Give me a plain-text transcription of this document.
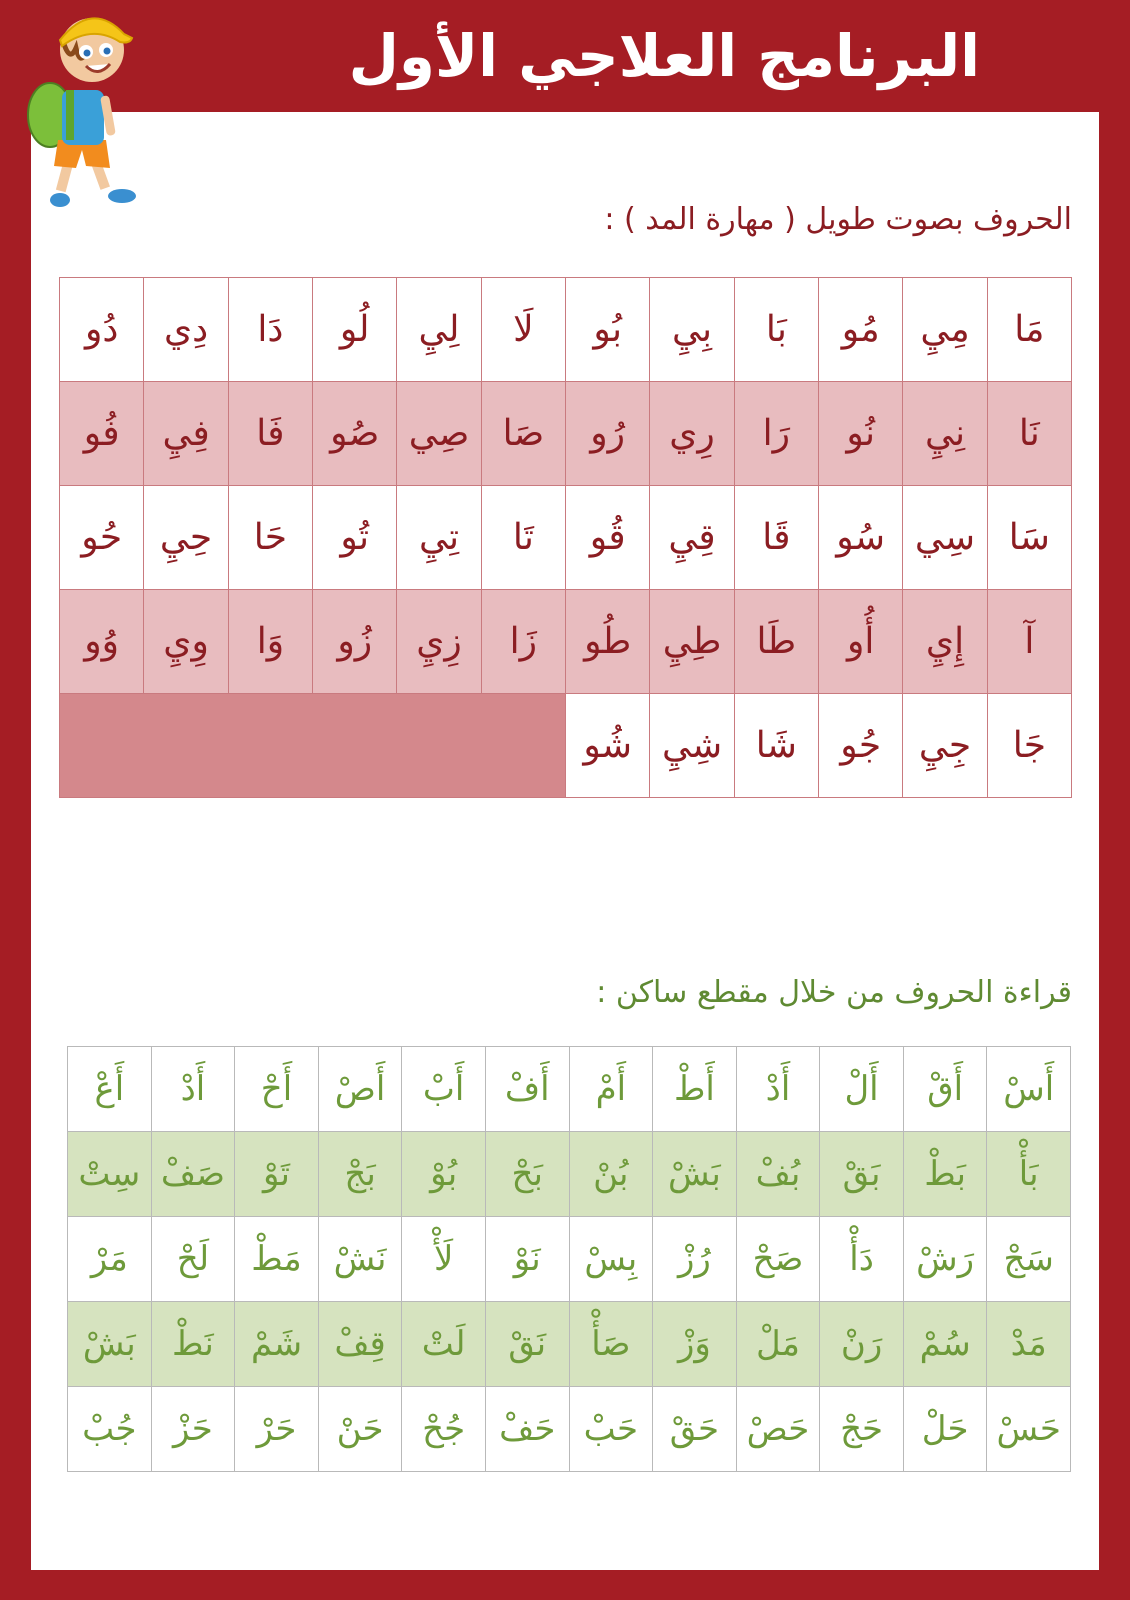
البرنامج العلاجي الأول
الحروف بصوت طويل ( مهارة المد ) :
مَا	مِيِ	مُو	بَا	بِيِ	بُو	لَا	لِيِ	لُو	دَا	دِي	دُو
نَا	نِيِ	نُو	رَا	رِي	رُو	صَا	صِي	صُو	فَا	فِيِ	فُو
سَا	سِي	سُو	قَا	قِيِ	قُو	تَا	تِيِ	تُو	حَا	حِيِ	حُو
آ	إِيِ	أُو	طَا	طِيِ	طُو	زَا	زِيِ	زُو	وَا	وِيِ	وُو
جَا	جِيِ	جُو	شَا	شِيِ	شُو						
قراءة الحروف من خلال مقطع ساكن :
أَسْ	أَقْ	أَلْ	أَدْ	أَطْ	أَمْ	أَفْ	أَبْ	أَصْ	أَحْ	أَدْ	أَعْ
بَأْ	بَطْ	بَقْ	بُفْ	بَشْ	بُنْ	بَحْ	بُوْ	بَجْ	تَوْ	صَفْ	سِتْ
سَجْ	رَشْ	دَأْ	صَحْ	رُزْ	بِسْ	نَوْ	لَأْ	نَشْ	مَطْ	لَحْ	مَرْ
مَدْ	سُمْ	رَنْ	مَلْ	وَزْ	صَأْ	نَقْ	لَتْ	قِفْ	شَمْ	نَطْ	بَشْ
حَسْ	حَلْ	حَجْ	حَصْ	حَقْ	حَبْ	حَفْ	جُحْ	حَنْ	حَرْ	حَزْ	جُبْ
